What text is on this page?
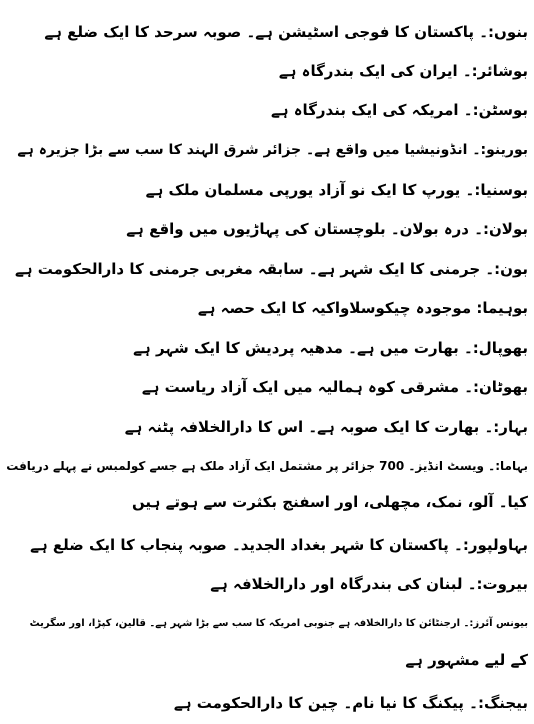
بنوں:۔ پاکستان کا فوجی اسٹیشن ہے۔ صوبہ سرحد کا ایک ضلع ہے
بوشائر:۔ ایران کی ایک بندرگاہ ہے
بوسٹن:۔ امریکہ کی ایک بندرگاہ ہے
بورینو:۔ انڈونیشیا میں واقع ہے۔ جزائر شرق الہند کا سب سے بڑا جزیرہ ہے
بوسنیا:۔ یورپ کا ایک نو آزاد یورپی مسلمان ملک ہے
بولان:۔ درہ بولان۔ بلوچستان کی پہاڑیوں میں واقع ہے
بون:۔ جرمنی کا ایک شہر ہے۔ سابقہ مغربی جرمنی کا دارالحکومت ہے
بوہیما: موجودہ چیکوسلاواکیہ کا ایک حصہ ہے
بھوپال:۔ بھارت میں ہے۔ مدھیہ پردیش کا ایک شہر ہے
بھوٹان:۔ مشرقی کوہ ہمالیہ میں ایک آزاد ریاست ہے
بہار:۔ بھارت کا ایک صوبہ ہے۔ اس کا دارالخلافہ پٹنہ ہے
بہاما:۔ ویسٹ انڈیز۔ 700 جزائر پر مشتمل ایک آزاد ملک ہے جسے کولمبس نے پہلے دریافت
کیا۔ آلو، نمک، مچھلی، اور اسفنج بکثرت سے ہوتے ہیں
بہاولپور:۔ پاکستان کا شہر بغداد الجدید۔ صوبہ پنجاب کا ایک ضلع ہے
بیروت:۔ لبنان کی بندرگاہ اور دارالخلافہ ہے
بیونس آئرز:۔ ارجنٹائن کا دارالخلافہ ہے جنوبی امریکہ کا سب سے بڑا شہر ہے۔ قالین، کپڑا، اور سگریٹ
کے لیے مشہور ہے
بیجنگ:۔ پیکنگ کا نیا نام۔ چین کا دارالحکومت ہے
